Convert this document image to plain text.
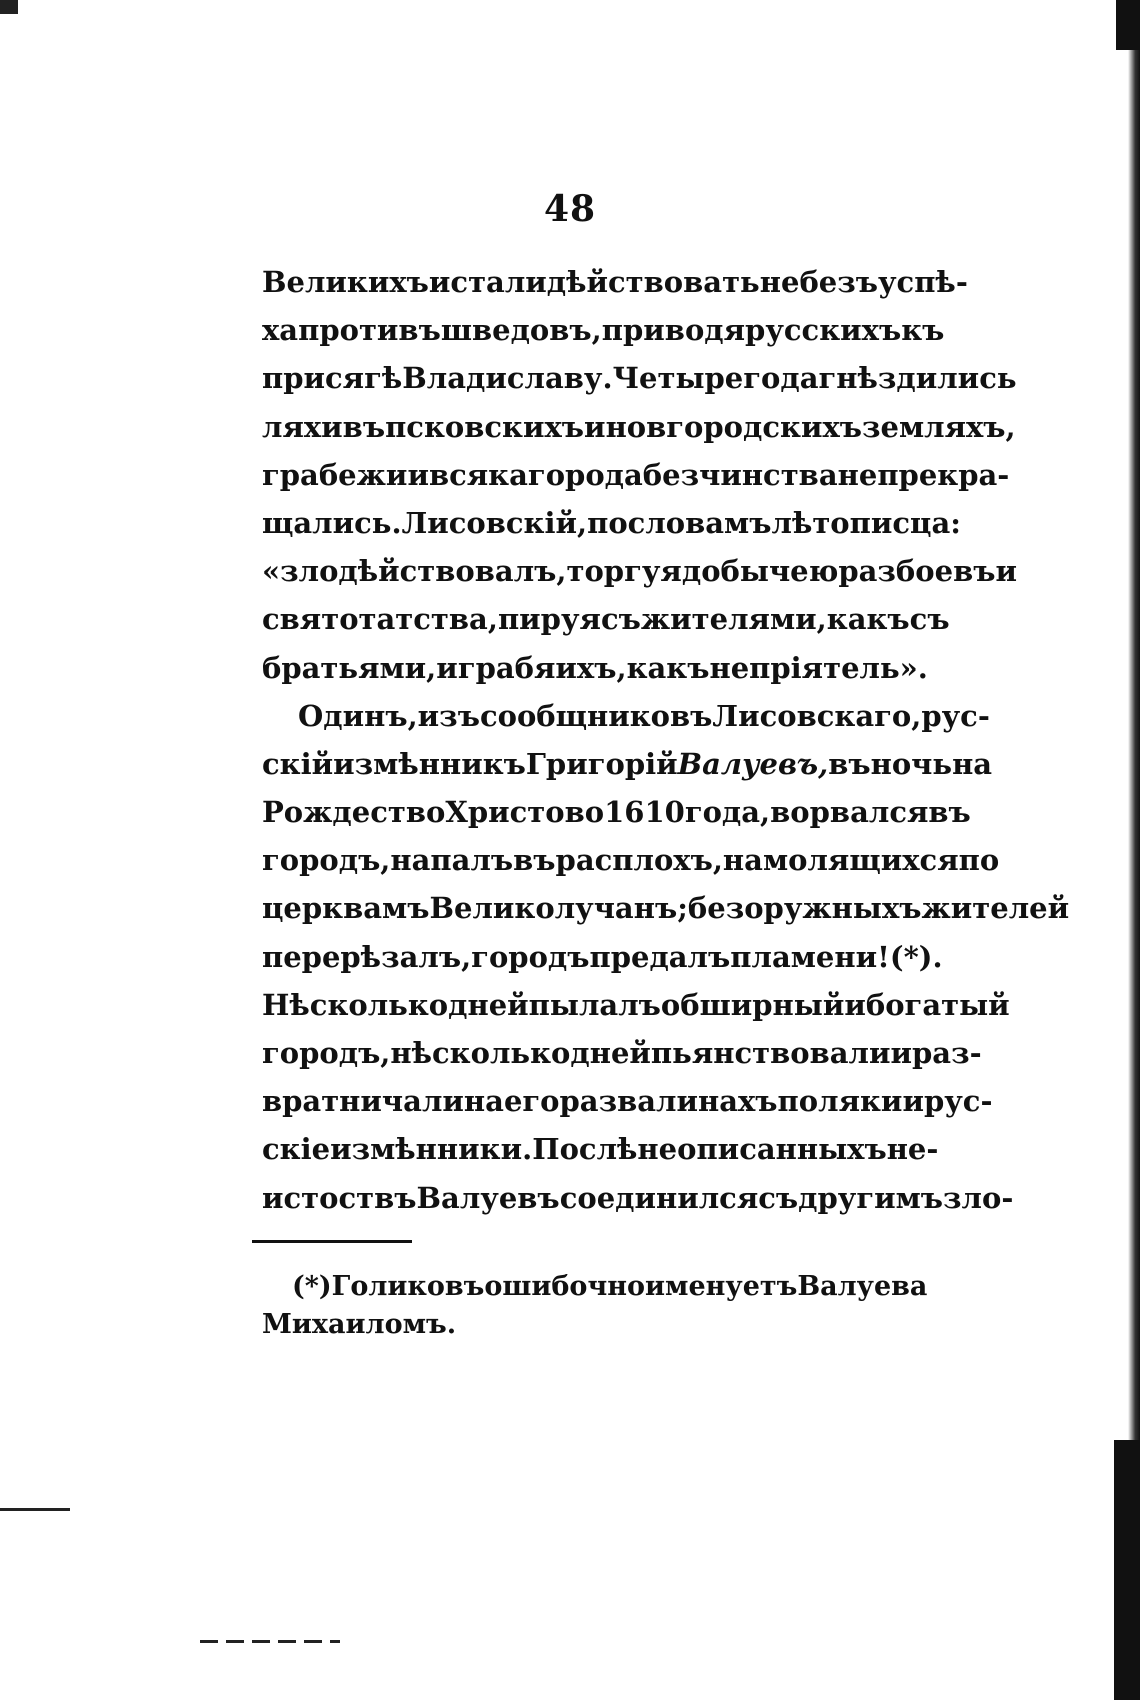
48
Великихъ и стали дѣйствовать не безъ успѣ-
ха противъ шведовъ , приводя русскихъ къ
присягѣ Владиславу. Четыре года гнѣздились
ляхи въ псковскихъ и новгородскихъ земляхъ,
грабежи и всякаго рода безчинства не прекра-
щались. Лисовскій, по словамъ лѣтописца:
«злодѣйствовалъ, торгуя добычею разбоевъ и
святотатства, пируя съ жителями, какъ съ
братьями, и грабя ихъ, какъ непріятель».
Одинъ, изъ сообщниковъ Лисовскаго, рус-
скій измѣнникъ Григорій Валуевъ, въ ночь на
Рождество Христово 1610 года, ворвался въ
городъ, напалъ въ расплохъ, на молящихся по
церквамъ Великолучанъ; безоружныхъ жителей
перерѣзалъ, городъ предалъ пламени! (*).
Нѣсколько дней пылалъ обширный и богатый
городъ, нѣсколько дней пьянствовали и раз-
вратничали на его развалинахъ поляки и рус-
скіе измѣнники. Послѣ не описанныхъ не-
истоствъ Валуевъ соединился съ другимъ зло-
(*) Голиковъ ошибочно именуетъ Валуева
Михаиломъ.
